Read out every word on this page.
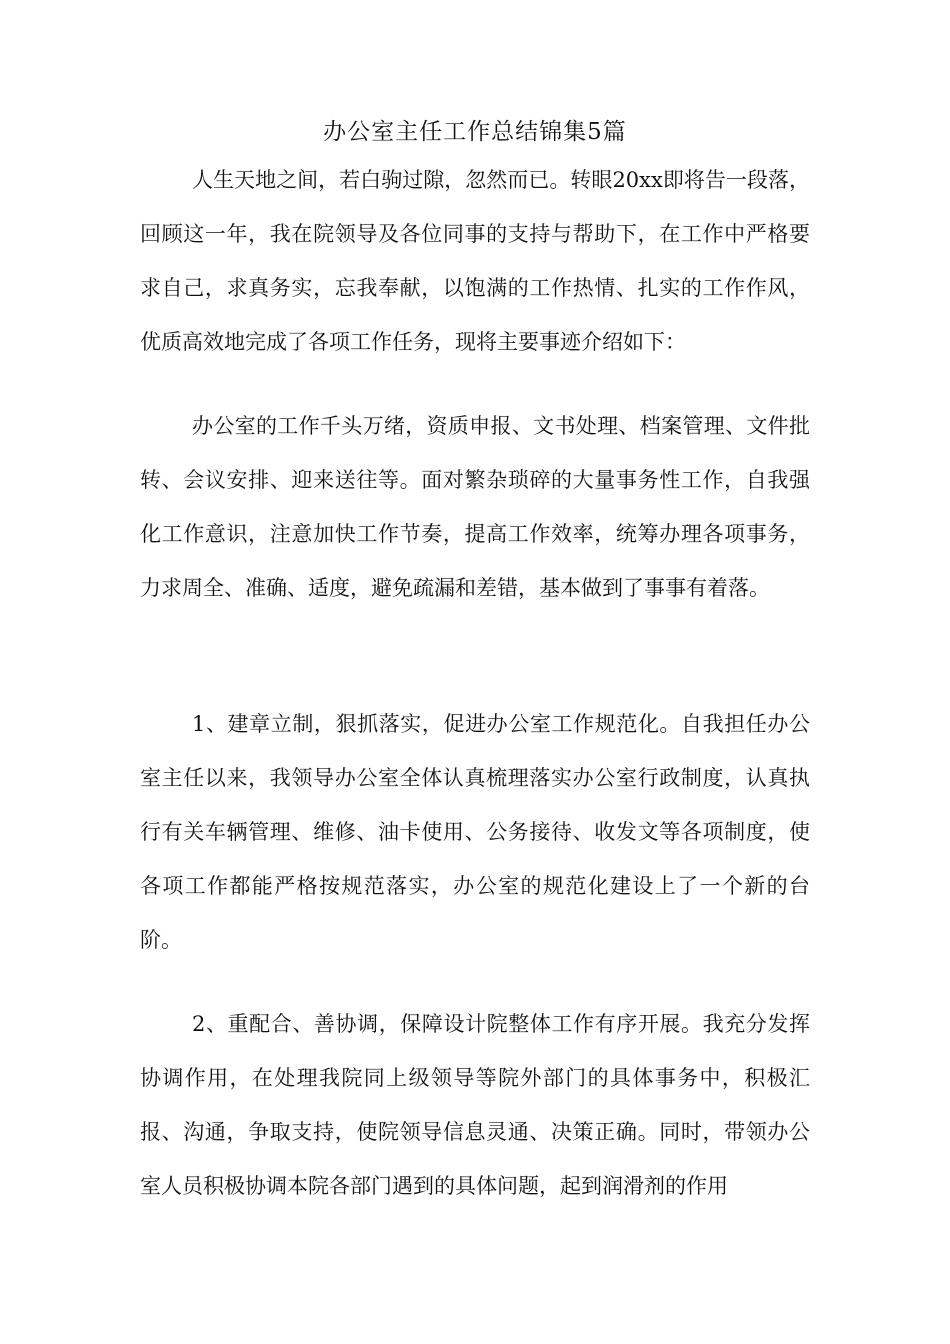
办公室主任工作总结锦集5篇

人生天地之间，若白驹过隙，忽然而已。转眼20xx即将告一段落，回顾这一年，我在院领导及各位同事的支持与帮助下，在工作中严格要求自己，求真务实，忘我奉献，以饱满的工作热情、扎实的工作作风，优质高效地完成了各项工作任务，现将主要事迹介绍如下：

办公室的工作千头万绪，资质申报、文书处理、档案管理、文件批转、会议安排、迎来送往等。面对繁杂琐碎的大量事务性工作，自我强化工作意识，注意加快工作节奏，提高工作效率，统筹办理各项事务，力求周全、准确、适度，避免疏漏和差错，基本做到了事事有着落。

1、建章立制，狠抓落实，促进办公室工作规范化。自我担任办公室主任以来，我领导办公室全体认真梳理落实办公室行政制度，认真执行有关车辆管理、维修、油卡使用、公务接待、收发文等各项制度，使各项工作都能严格按规范落实，办公室的规范化建设上了一个新的台阶。

2、重配合、善协调，保障设计院整体工作有序开展。我充分发挥协调作用，在处理我院同上级领导等院外部门的具体事务中，积极汇报、沟通，争取支持，使院领导信息灵通、决策正确。同时，带领办公室人员积极协调本院各部门遇到的具体问题，起到润滑剂的作用
